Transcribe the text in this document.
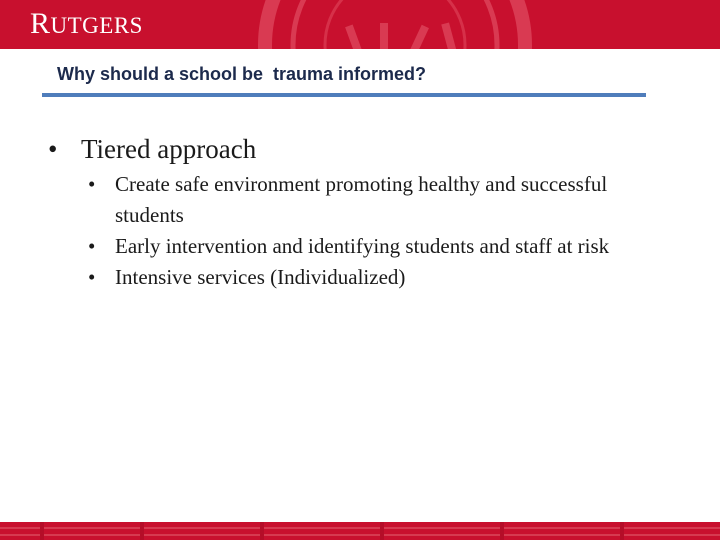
RUTGERS
Why should a school be  trauma informed?
• Tiered approach
• Create safe environment promoting healthy and successful students
• Early intervention and identifying students and staff at risk
• Intensive services (Individualized)
